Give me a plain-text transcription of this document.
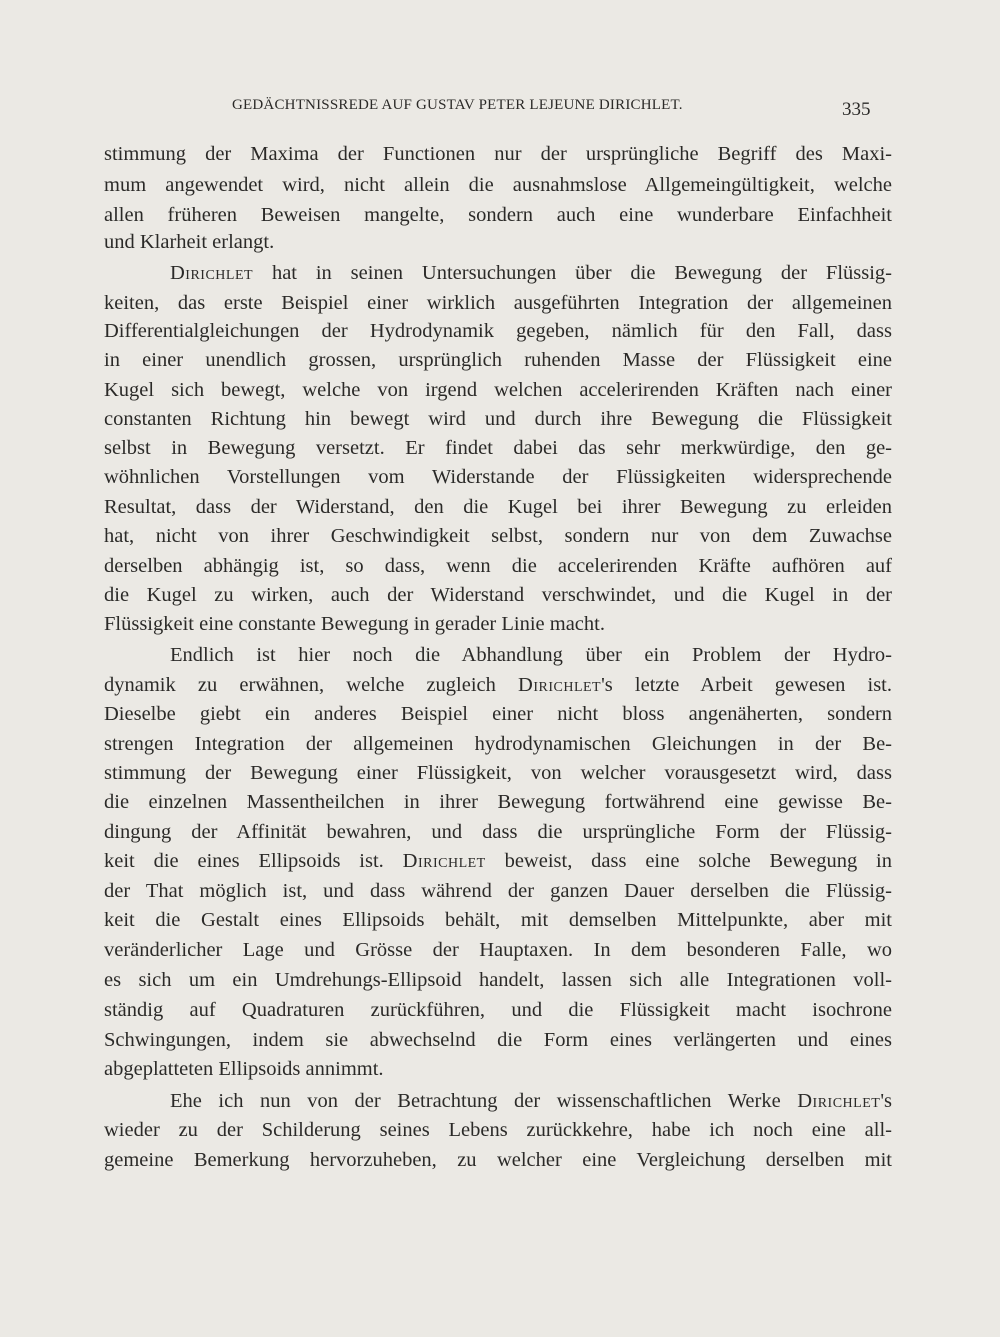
GEDÄCHTNISSREDE AUF GUSTAV PETER LEJEUNE DIRICHLET.	335
stimmung der Maxima der Functionen nur der ursprüngliche Begriff des Maxi-
mum angewendet wird, nicht allein die ausnahmslose Allgemeingültigkeit, welche
allen früheren Beweisen mangelte, sondern auch eine wunderbare Einfachheit
und Klarheit erlangt.
Dirichlet hat in seinen Untersuchungen über die Bewegung der Flüssig-
keiten, das erste Beispiel einer wirklich ausgeführten Integration der allgemeinen
Differentialgleichungen der Hydrodynamik gegeben, nämlich für den Fall, dass
in einer unendlich grossen, ursprünglich ruhenden Masse der Flüssigkeit eine
Kugel sich bewegt, welche von irgend welchen accelerirenden Kräften nach einer
constanten Richtung hin bewegt wird und durch ihre Bewegung die Flüssigkeit
selbst in Bewegung versetzt. Er findet dabei das sehr merkwürdige, den ge-
wöhnlichen Vorstellungen vom Widerstande der Flüssigkeiten widersprechende
Resultat, dass der Widerstand, den die Kugel bei ihrer Bewegung zu erleiden
hat, nicht von ihrer Geschwindigkeit selbst, sondern nur von dem Zuwachse
derselben abhängig ist, so dass, wenn die accelerirenden Kräfte aufhören auf
die Kugel zu wirken, auch der Widerstand verschwindet, und die Kugel in der
Flüssigkeit eine constante Bewegung in gerader Linie macht.
Endlich ist hier noch die Abhandlung über ein Problem der Hydro-
dynamik zu erwähnen, welche zugleich Dirichlet's letzte Arbeit gewesen ist.
Dieselbe giebt ein anderes Beispiel einer nicht bloss angenäherten, sondern
strengen Integration der allgemeinen hydrodynamischen Gleichungen in der Be-
stimmung der Bewegung einer Flüssigkeit, von welcher vorausgesetzt wird, dass
die einzelnen Massentheilchen in ihrer Bewegung fortwährend eine gewisse Be-
dingung der Affinität bewahren, und dass die ursprüngliche Form der Flüssig-
keit die eines Ellipsoids ist. Dirichlet beweist, dass eine solche Bewegung in
der That möglich ist, und dass während der ganzen Dauer derselben die Flüssig-
keit die Gestalt eines Ellipsoids behält, mit demselben Mittelpunkte, aber mit
veränderlicher Lage und Grösse der Hauptaxen. In dem besonderen Falle, wo
es sich um ein Umdrehungs-Ellipsoid handelt, lassen sich alle Integrationen voll-
ständig auf Quadraturen zurückführen, und die Flüssigkeit macht isochrone
Schwingungen, indem sie abwechselnd die Form eines verlängerten und eines
abgeplatteten Ellipsoids annimmt.
Ehe ich nun von der Betrachtung der wissenschaftlichen Werke Dirichlet's
wieder zu der Schilderung seines Lebens zurückkehre, habe ich noch eine all-
gemeine Bemerkung hervorzuheben, zu welcher eine Vergleichung derselben mit
